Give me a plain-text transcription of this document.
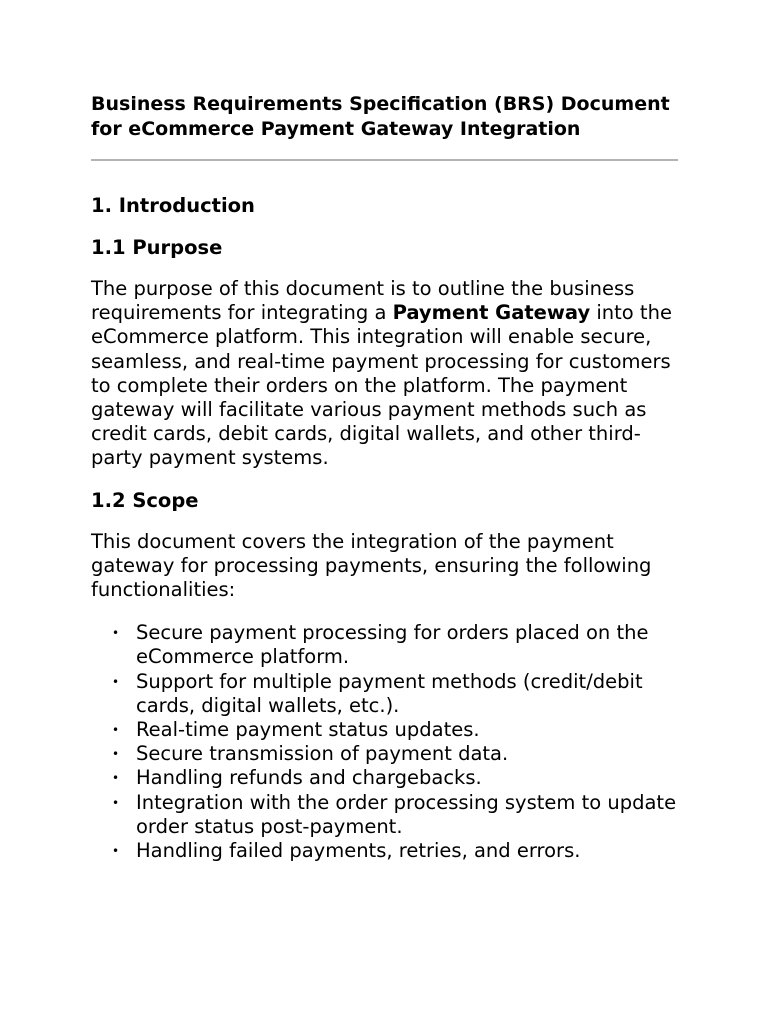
Business Requirements Specification (BRS) Document for eCommerce Payment Gateway Integration
1. Introduction
1.1 Purpose

The purpose of this document is to outline the business requirements for integrating a Payment Gateway into the eCommerce platform. This integration will enable secure, seamless, and real-time payment processing for customers to complete their orders on the platform. The payment gateway will facilitate various payment methods such as credit cards, debit cards, digital wallets, and other third-party payment systems.

1.2 Scope

This document covers the integration of the payment gateway for processing payments, ensuring the following functionalities:

• Secure payment processing for orders placed on the eCommerce platform.
• Support for multiple payment methods (credit/debit cards, digital wallets, etc.).
• Real-time payment status updates.
• Secure transmission of payment data.
• Handling refunds and chargebacks.
• Integration with the order processing system to update order status post-payment.
• Handling failed payments, retries, and errors.
